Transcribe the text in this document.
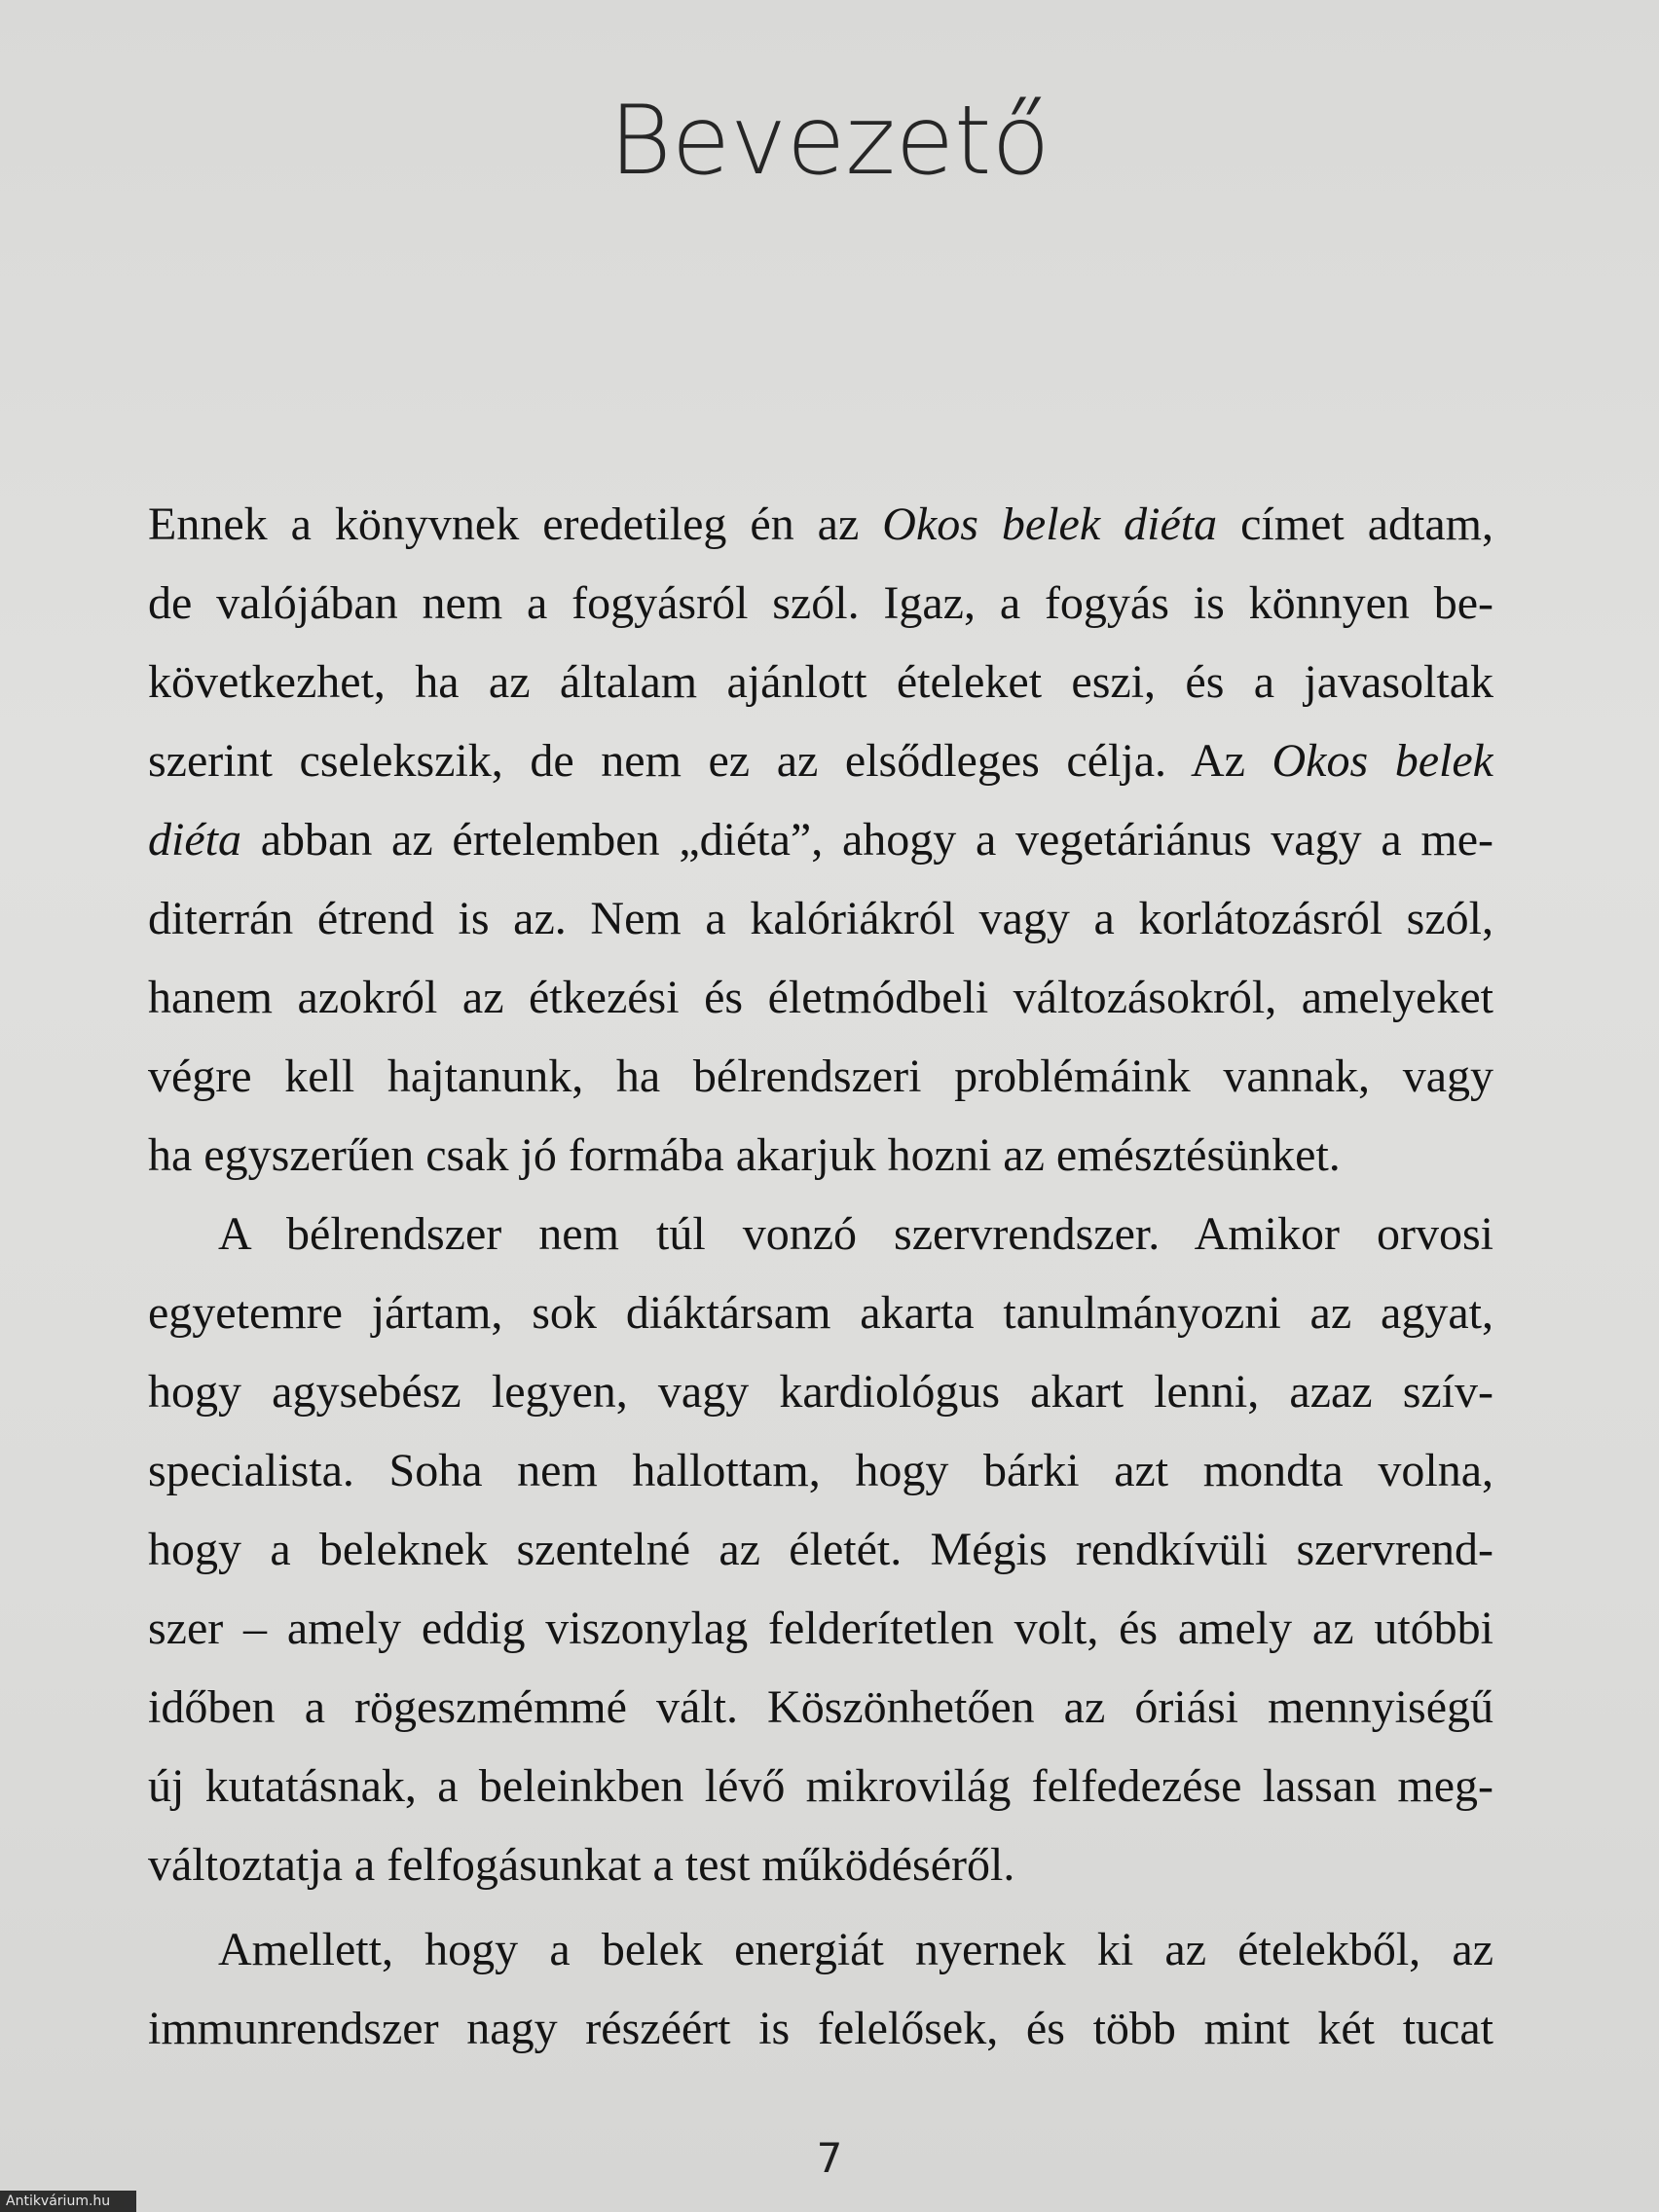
Bevezető
Ennek a könyvnek eredetileg én az Okos belek diéta címet adtam,
de valójában nem a fogyásról szól. Igaz, a fogyás is könnyen be-
következhet, ha az általam ajánlott ételeket eszi, és a javasoltak
szerint cselekszik, de nem ez az elsődleges célja. Az Okos belek
diéta abban az értelemben „diéta”, ahogy a vegetáriánus vagy a me-
diterrán étrend is az. Nem a kalóriákról vagy a korlátozásról szól,
hanem azokról az étkezési és életmódbeli változásokról, amelyeket
végre kell hajtanunk, ha bélrendszeri problémáink vannak, vagy
ha egyszerűen csak jó formába akarjuk hozni az emésztésünket.
A bélrendszer nem túl vonzó szervrendszer. Amikor orvosi
egyetemre jártam, sok diáktársam akarta tanulmányozni az agyat,
hogy agysebész legyen, vagy kardiológus akart lenni, azaz szív-
specialista. Soha nem hallottam, hogy bárki azt mondta volna,
hogy a beleknek szentelné az életét. Mégis rendkívüli szervrend-
szer – amely eddig viszonylag felderítetlen volt, és amely az utóbbi
időben a rögeszmémmé vált. Köszönhetően az óriási mennyiségű
új kutatásnak, a beleinkben lévő mikrovilág felfedezése lassan meg-
változtatja a felfogásunkat a test működéséről.
Amellett, hogy a belek energiát nyernek ki az ételekből, az
immunrendszer nagy részéért is felelősek, és több mint két tucat
7
Antikvárium.hu
